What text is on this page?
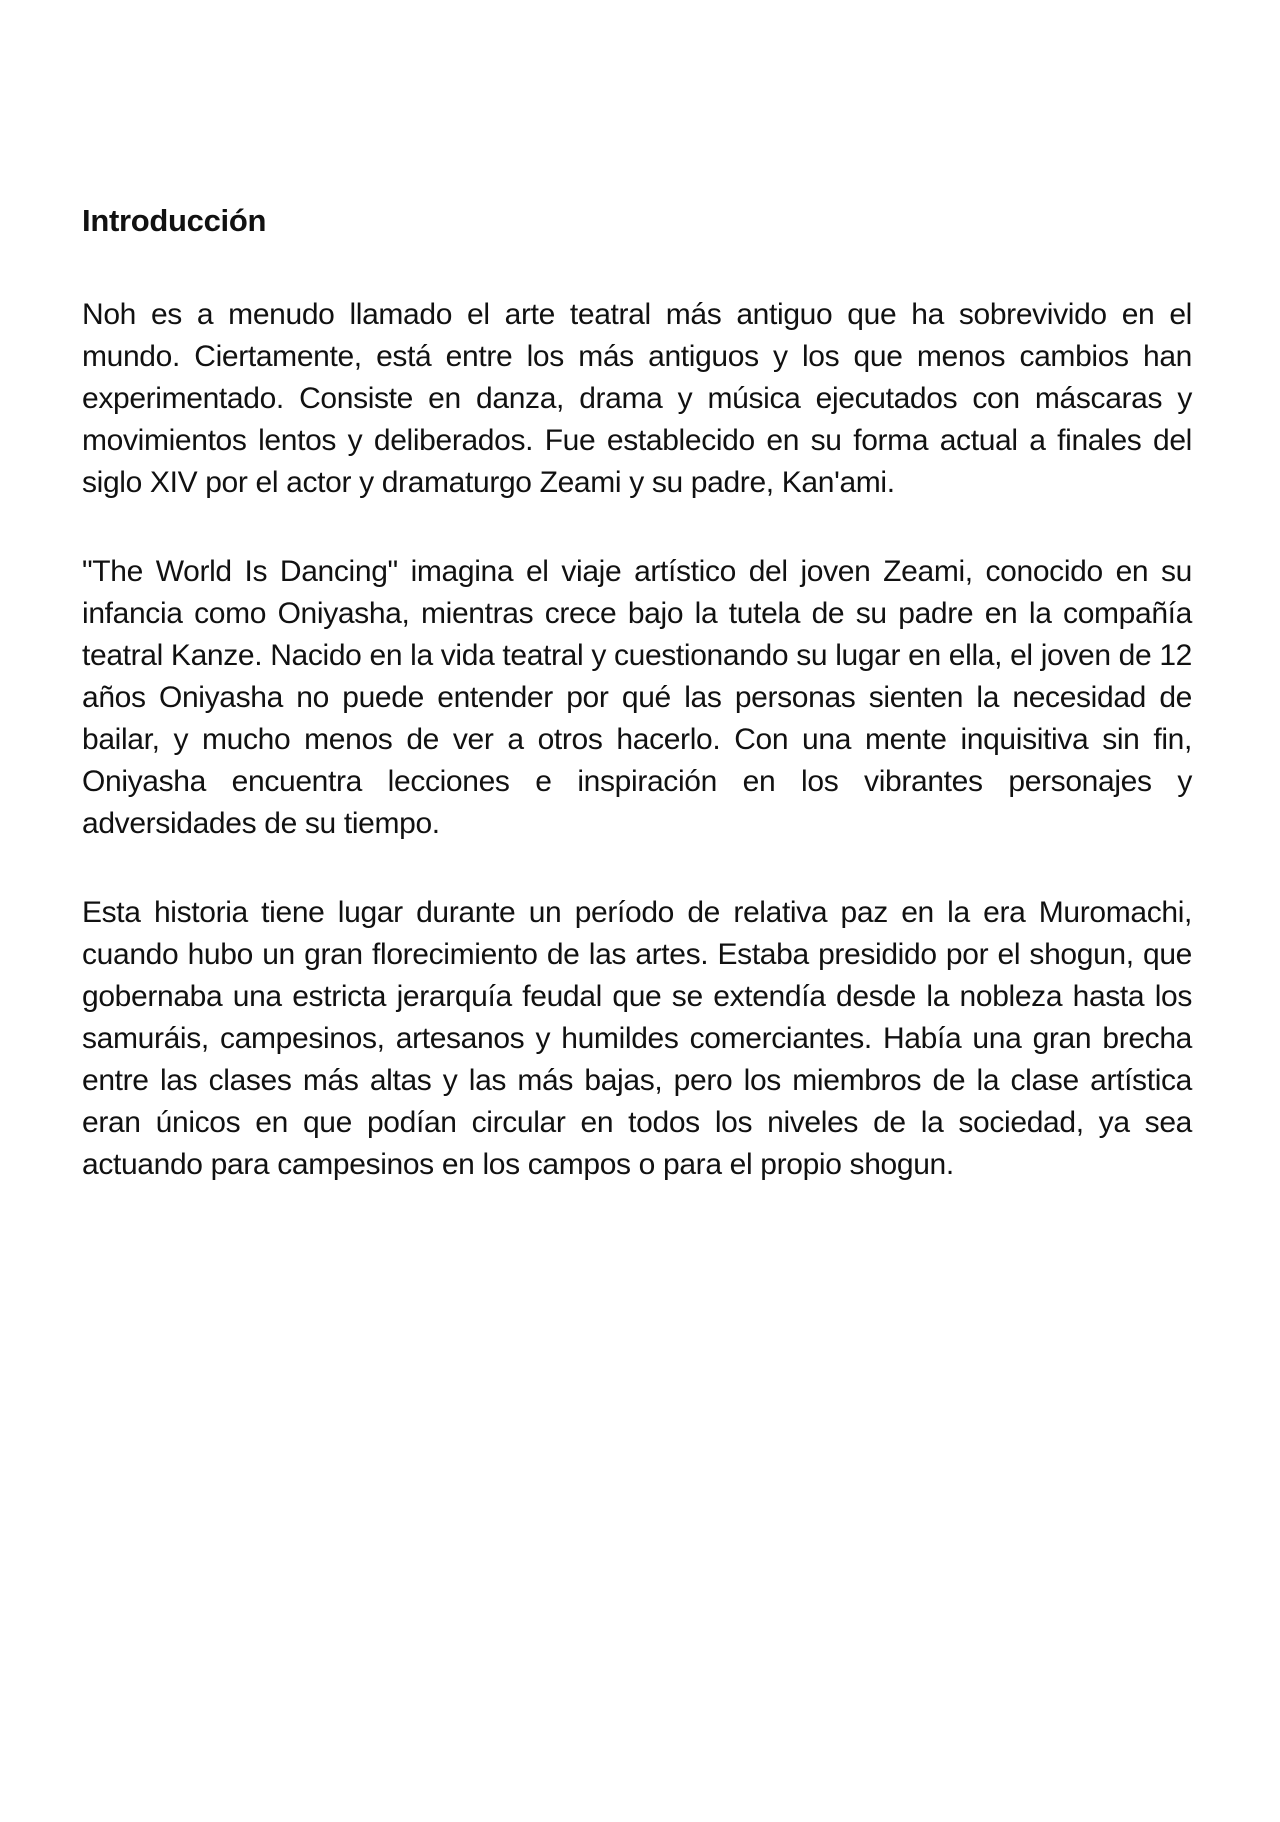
Introducción

Noh es a menudo llamado el arte teatral más antiguo que ha sobrevivido en el mundo. Ciertamente, está entre los más antiguos y los que menos cambios han experimentado. Consiste en danza, drama y música ejecutados con máscaras y movimientos lentos y deliberados. Fue establecido en su forma actual a finales del siglo XIV por el actor y dramaturgo Zeami y su padre, Kan'ami.

"The World Is Dancing" imagina el viaje artístico del joven Zeami, conocido en su infancia como Oniyasha, mientras crece bajo la tutela de su padre en la compañía teatral Kanze. Nacido en la vida teatral y cuestionando su lugar en ella, el joven de 12 años Oniyasha no puede entender por qué las personas sienten la necesidad de bailar, y mucho menos de ver a otros hacerlo. Con una mente inquisitiva sin fin, Oniyasha encuentra lecciones e inspiración en los vibrantes personajes y adversidades de su tiempo.

Esta historia tiene lugar durante un período de relativa paz en la era Muromachi, cuando hubo un gran florecimiento de las artes. Estaba presidido por el shogun, que gobernaba una estricta jerarquía feudal que se extendía desde la nobleza hasta los samuráis, campesinos, artesanos y humildes comerciantes. Había una gran brecha entre las clases más altas y las más bajas, pero los miembros de la clase artística eran únicos en que podían circular en todos los niveles de la sociedad, ya sea actuando para campesinos en los campos o para el propio shogun.
